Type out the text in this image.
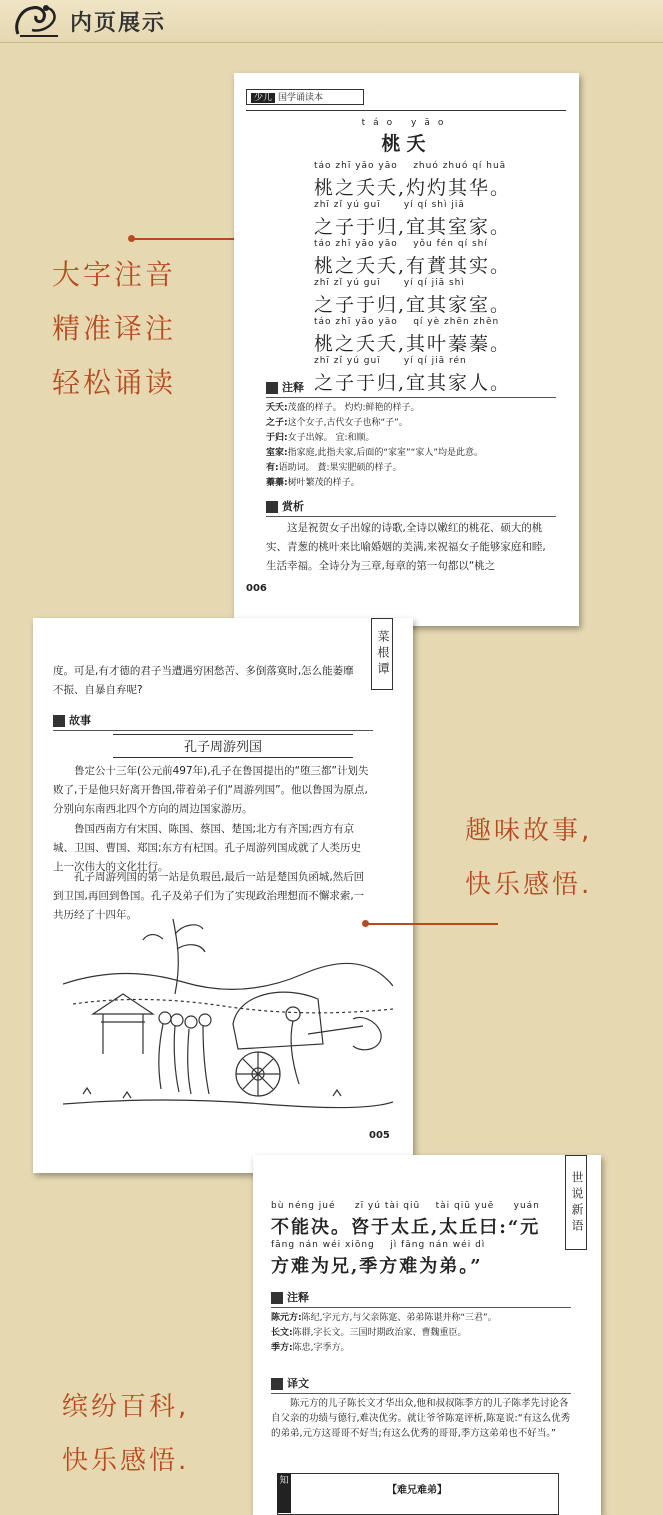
内页展示
大字注音
精准译注
轻松诵读
少儿 国学诵读本
táo yāo
桃夭
táo zhī yāo yāo    zhuó zhuó qí huā
桃之夭夭,灼灼其华。
zhī zǐ yú guī      yí qí shì jiā
之子于归,宜其室家。
táo zhī yāo yāo    yǒu fén qí shí
桃之夭夭,有蕡其实。
zhī zǐ yú guī      yí qí jiā shì
之子于归,宜其家室。
táo zhī yāo yāo    qí yè zhēn zhēn
桃之夭夭,其叶蓁蓁。
zhī zǐ yú guī      yí qí jiā rén
之子于归,宜其家人。
注释
夭夭:茂盛的样子。 灼灼:鲜艳的样子。
之子:这个女子,古代女子也称“子”。
于归:女子出嫁。 宜:和顺。
室家:指家庭,此指夫家,后面的“家室”“家人”均是此意。
有:语助词。 蕡:果实肥硕的样子。
蓁蓁:树叶繁茂的样子。
赏析
这是祝贺女子出嫁的诗歌,全诗以嫩红的桃花、硕大的桃实、青葱的桃叶来比喻婚姻的美满,来祝福女子能够家庭和睦,生活幸福。全诗分为三章,每章的第一句都以“桃之
006
菜根谭
度。可是,有才德的君子当遭遇穷困愁苦、多倒落寞时,怎么能萎靡不振、自暴自弃呢?
故事
孔子周游列国
鲁定公十三年(公元前497年),孔子在鲁国提出的“堕三都”计划失败了,于是他只好离开鲁国,带着弟子们“周游列国”。他以鲁国为原点,分别向东南西北四个方向的周边国家游历。
鲁国西南方有宋国、陈国、蔡国、楚国;北方有齐国;西方有京城、卫国、曹国、郑国;东方有杞国。孔子周游列国成就了人类历史上一次伟大的文化壮行。
孔子周游列国的第一站是负瑕邑,最后一站是楚国负函城,然后回到卫国,再回到鲁国。孔子及弟子们为了实现政治理想而不懈求索,一共历经了十四年。
005
趣味故事,
快乐感悟.
世说新语
bù néng jué     zī yú tài qiū    tài qiū yuē     yuán
不能决。咨于太丘,太丘曰:“元
fāng nán wéi xiōng    jì fāng nán wéi dì
方难为兄,季方难为弟。”
注释
陈元方:陈纪,字元方,与父亲陈寔、弟弟陈谌并称“三君”。
长文:陈群,字长文。三国时期政治家、曹魏重臣。
季方:陈忠,字季方。
译文
陈元方的儿子陈长文才华出众,他和叔叔陈季方的儿子陈孝先讨论各自父亲的功绩与德行,难决优劣。就让爷爷陈寔评析,陈寔说:“有这么优秀的弟弟,元方这哥哥不好当;有这么优秀的哥哥,季方这弟弟也不好当。”
知
【难兄难弟】
缤纷百科,
快乐感悟.
